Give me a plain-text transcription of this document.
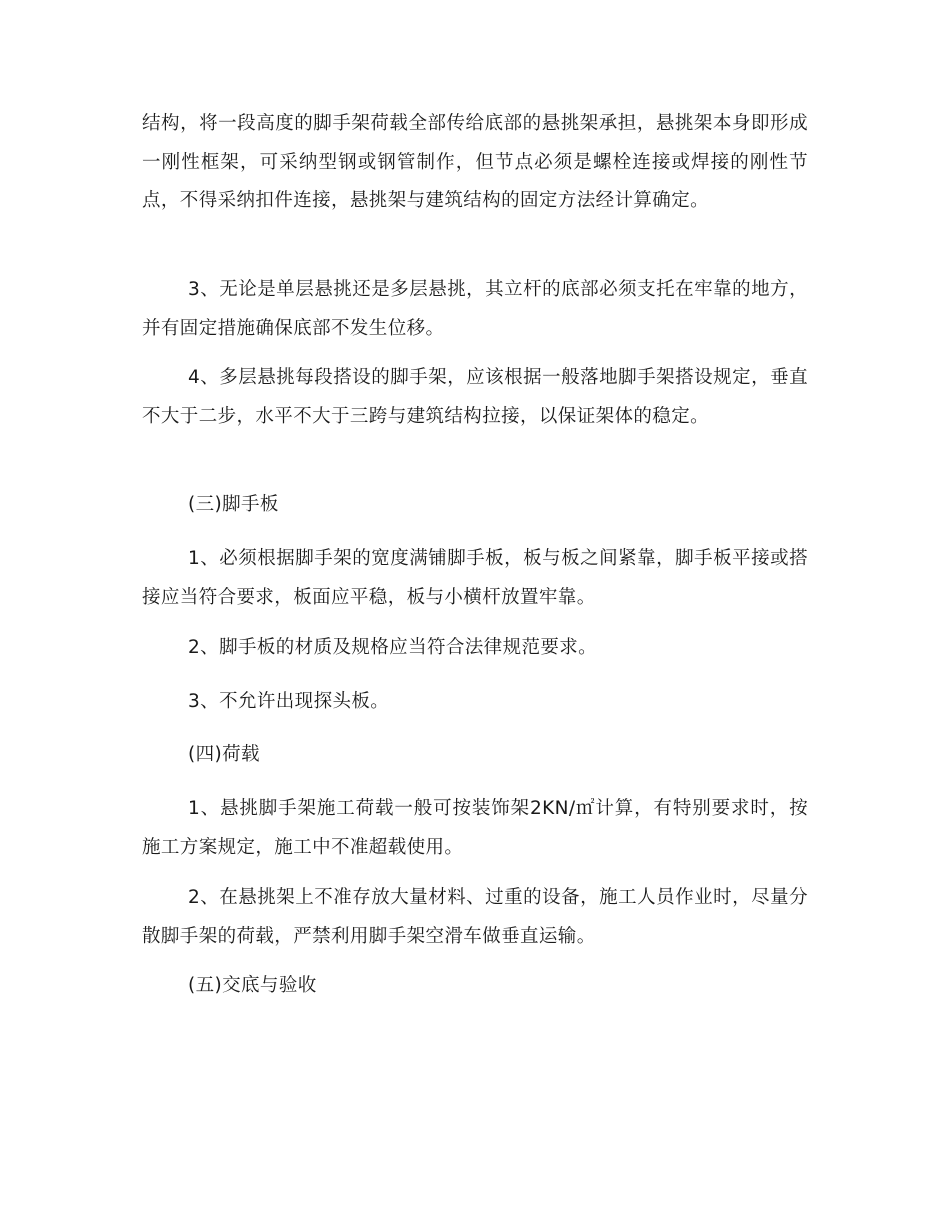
结构，将一段高度的脚手架荷载全部传给底部的悬挑架承担，悬挑架本身即形成一刚性框架，可采纳型钢或钢管制作，但节点必须是螺栓连接或焊接的刚性节点，不得采纳扣件连接，悬挑架与建筑结构的固定方法经计算确定。

3、无论是单层悬挑还是多层悬挑，其立杆的底部必须支托在牢靠的地方，并有固定措施确保底部不发生位移。

4、多层悬挑每段搭设的脚手架，应该根据一般落地脚手架搭设规定，垂直不大于二步，水平不大于三跨与建筑结构拉接，以保证架体的稳定。

(三)脚手板

1、必须根据脚手架的宽度满铺脚手板，板与板之间紧靠，脚手板平接或搭接应当符合要求，板面应平稳，板与小横杆放置牢靠。

2、脚手板的材质及规格应当符合法律规范要求。

3、不允许出现探头板。

(四)荷载

1、悬挑脚手架施工荷载一般可按装饰架2KN/㎡计算，有特别要求时，按施工方案规定，施工中不准超载使用。

2、在悬挑架上不准存放大量材料、过重的设备，施工人员作业时，尽量分散脚手架的荷载，严禁利用脚手架空滑车做垂直运输。

(五)交底与验收
